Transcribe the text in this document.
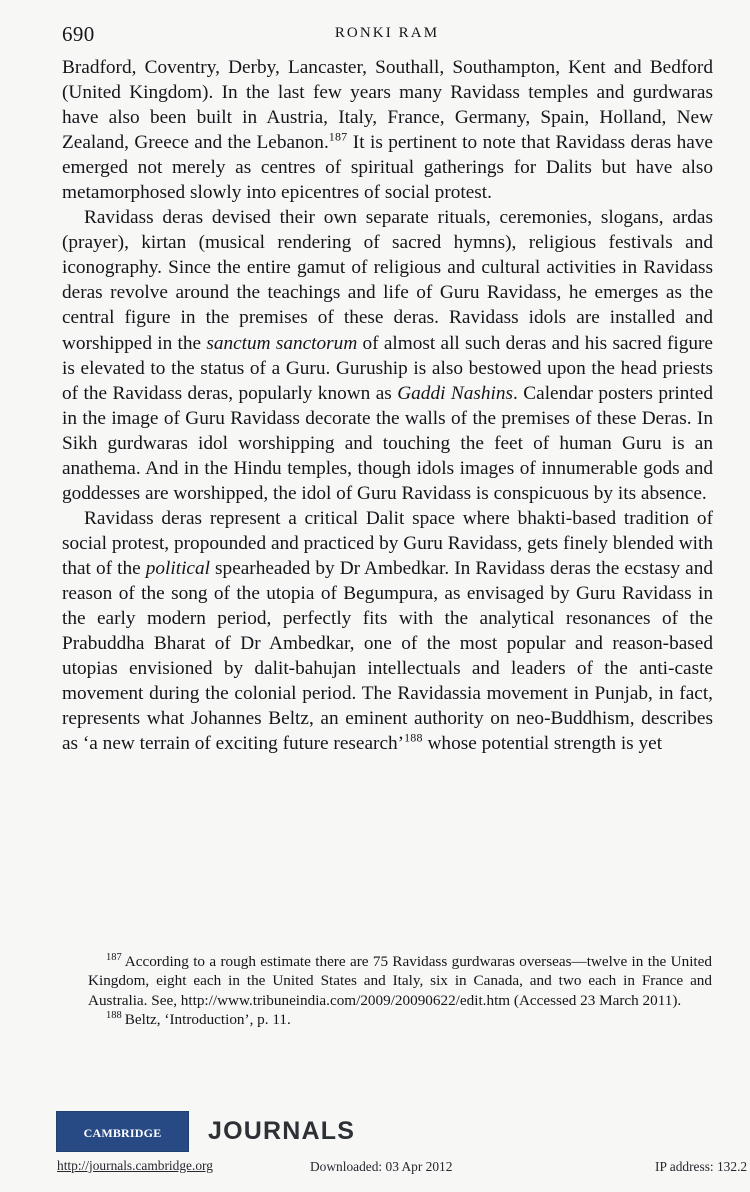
690	RONKI RAM

Bradford, Coventry, Derby, Lancaster, Southall, Southampton, Kent and Bedford (United Kingdom). In the last few years many Ravidass temples and gurdwaras have also been built in Austria, Italy, France, Germany, Spain, Holland, New Zealand, Greece and the Lebanon.$^{187}$ It is pertinent to note that Ravidass deras have emerged not merely as centres of spiritual gatherings for Dalits but have also metamorphosed slowly into epicentres of social protest.

Ravidass deras devised their own separate rituals, ceremonies, slogans, ardas (prayer), kirtan (musical rendering of sacred hymns), religious festivals and iconography. Since the entire gamut of religious and cultural activities in Ravidass deras revolve around the teachings and life of Guru Ravidass, he emerges as the central figure in the premises of these deras. Ravidass idols are installed and worshipped in the sanctum sanctorum of almost all such deras and his sacred figure is elevated to the status of a Guru. Guruship is also bestowed upon the head priests of the Ravidass deras, popularly known as Gaddi Nashins. Calendar posters printed in the image of Guru Ravidass decorate the walls of the premises of these Deras. In Sikh gurdwaras idol worshipping and touching the feet of human Guru is an anathema. And in the Hindu temples, though idols images of innumerable gods and goddesses are worshipped, the idol of Guru Ravidass is conspicuous by its absence.

Ravidass deras represent a critical Dalit space where bhakti-based tradition of social protest, propounded and practiced by Guru Ravidass, gets finely blended with that of the political spearheaded by Dr Ambedkar. In Ravidass deras the ecstasy and reason of the song of the utopia of Begumpura, as envisaged by Guru Ravidass in the early modern period, perfectly fits with the analytical resonances of the Prabuddha Bharat of Dr Ambedkar, one of the most popular and reason-based utopias envisioned by dalit-bahujan intellectuals and leaders of the anti-caste movement during the colonial period. The Ravidassia movement in Punjab, in fact, represents what Johannes Beltz, an eminent authority on neo-Buddhism, describes as ‘a new terrain of exciting future research’$^{188}$ whose potential strength is yet

$^{187}$ According to a rough estimate there are 75 Ravidass gurdwaras overseas—twelve in the United Kingdom, eight each in the United States and Italy, six in Canada, and two each in France and Australia. See, http://www.tribuneindia.com/2009/20090622/edit.htm (Accessed 23 March 2011).

$^{188}$ Beltz, ‘Introduction’, p. 11.

cambridge JOURNALS
http://journals.cambridge.org	Downloaded: 03 Apr 2012	IP address: 132.2
